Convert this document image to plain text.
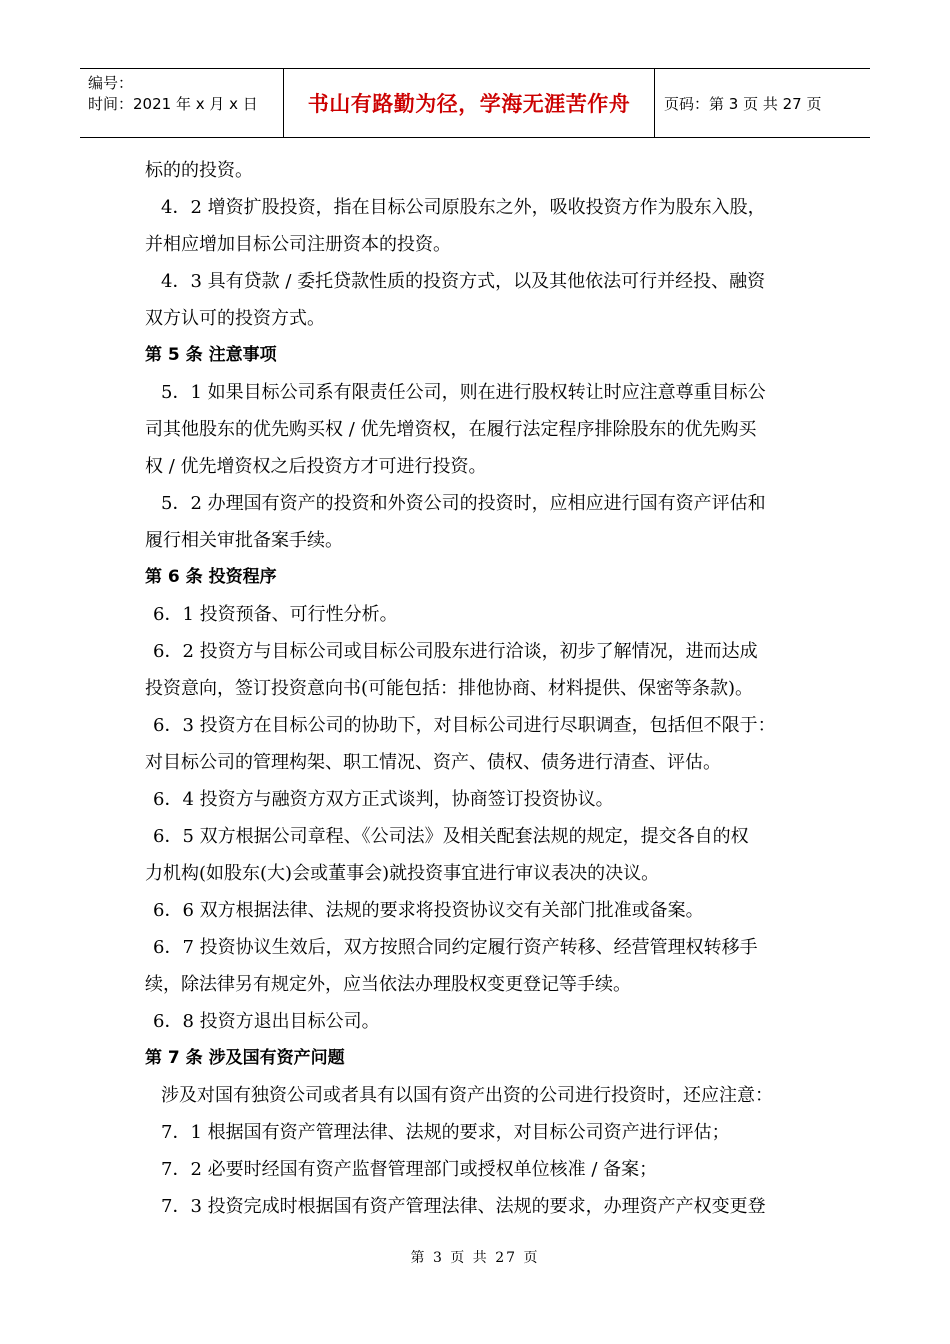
编号：
时间：2021 年 x 月 x 日	书山有路勤为径，学海无涯苦作舟	页码：第 3 页 共 27 页
标的的投资。
4．2 增资扩股投资，指在目标公司原股东之外，吸收投资方作为股东入股，
并相应增加目标公司注册资本的投资。
4．3 具有贷款 / 委托贷款性质的投资方式，以及其他依法可行并经投、融资
双方认可的投资方式。
第 5 条 注意事项
5．1 如果目标公司系有限责任公司，则在进行股权转让时应注意尊重目标公
司其他股东的优先购买权 / 优先增资权，在履行法定程序排除股东的优先购买
权 / 优先增资权之后投资方才可进行投资。
5．2 办理国有资产的投资和外资公司的投资时，应相应进行国有资产评估和
履行相关审批备案手续。
第 6 条 投资程序
6．1 投资预备、可行性分析。
6．2 投资方与目标公司或目标公司股东进行洽谈，初步了解情况，进而达成
投资意向，签订投资意向书(可能包括：排他协商、材料提供、保密等条款)。
6．3 投资方在目标公司的协助下，对目标公司进行尽职调查，包括但不限于：
对目标公司的管理构架、职工情况、资产、债权、债务进行清查、评估。
6．4 投资方与融资方双方正式谈判，协商签订投资协议。
6．5 双方根据公司章程、《公司法》及相关配套法规的规定，提交各自的权
力机构(如股东(大)会或董事会)就投资事宜进行审议表决的决议。
6．6 双方根据法律、法规的要求将投资协议交有关部门批准或备案。
6．7 投资协议生效后，双方按照合同约定履行资产转移、经营管理权转移手
续，除法律另有规定外，应当依法办理股权变更登记等手续。
6．8 投资方退出目标公司。
第 7 条 涉及国有资产问题
涉及对国有独资公司或者具有以国有资产出资的公司进行投资时，还应注意：
7．1 根据国有资产管理法律、法规的要求，对目标公司资产进行评估；
7．2 必要时经国有资产监督管理部门或授权单位核准 / 备案；
7．3 投资完成时根据国有资产管理法律、法规的要求，办理资产产权变更登
第 3 页 共 27 页
